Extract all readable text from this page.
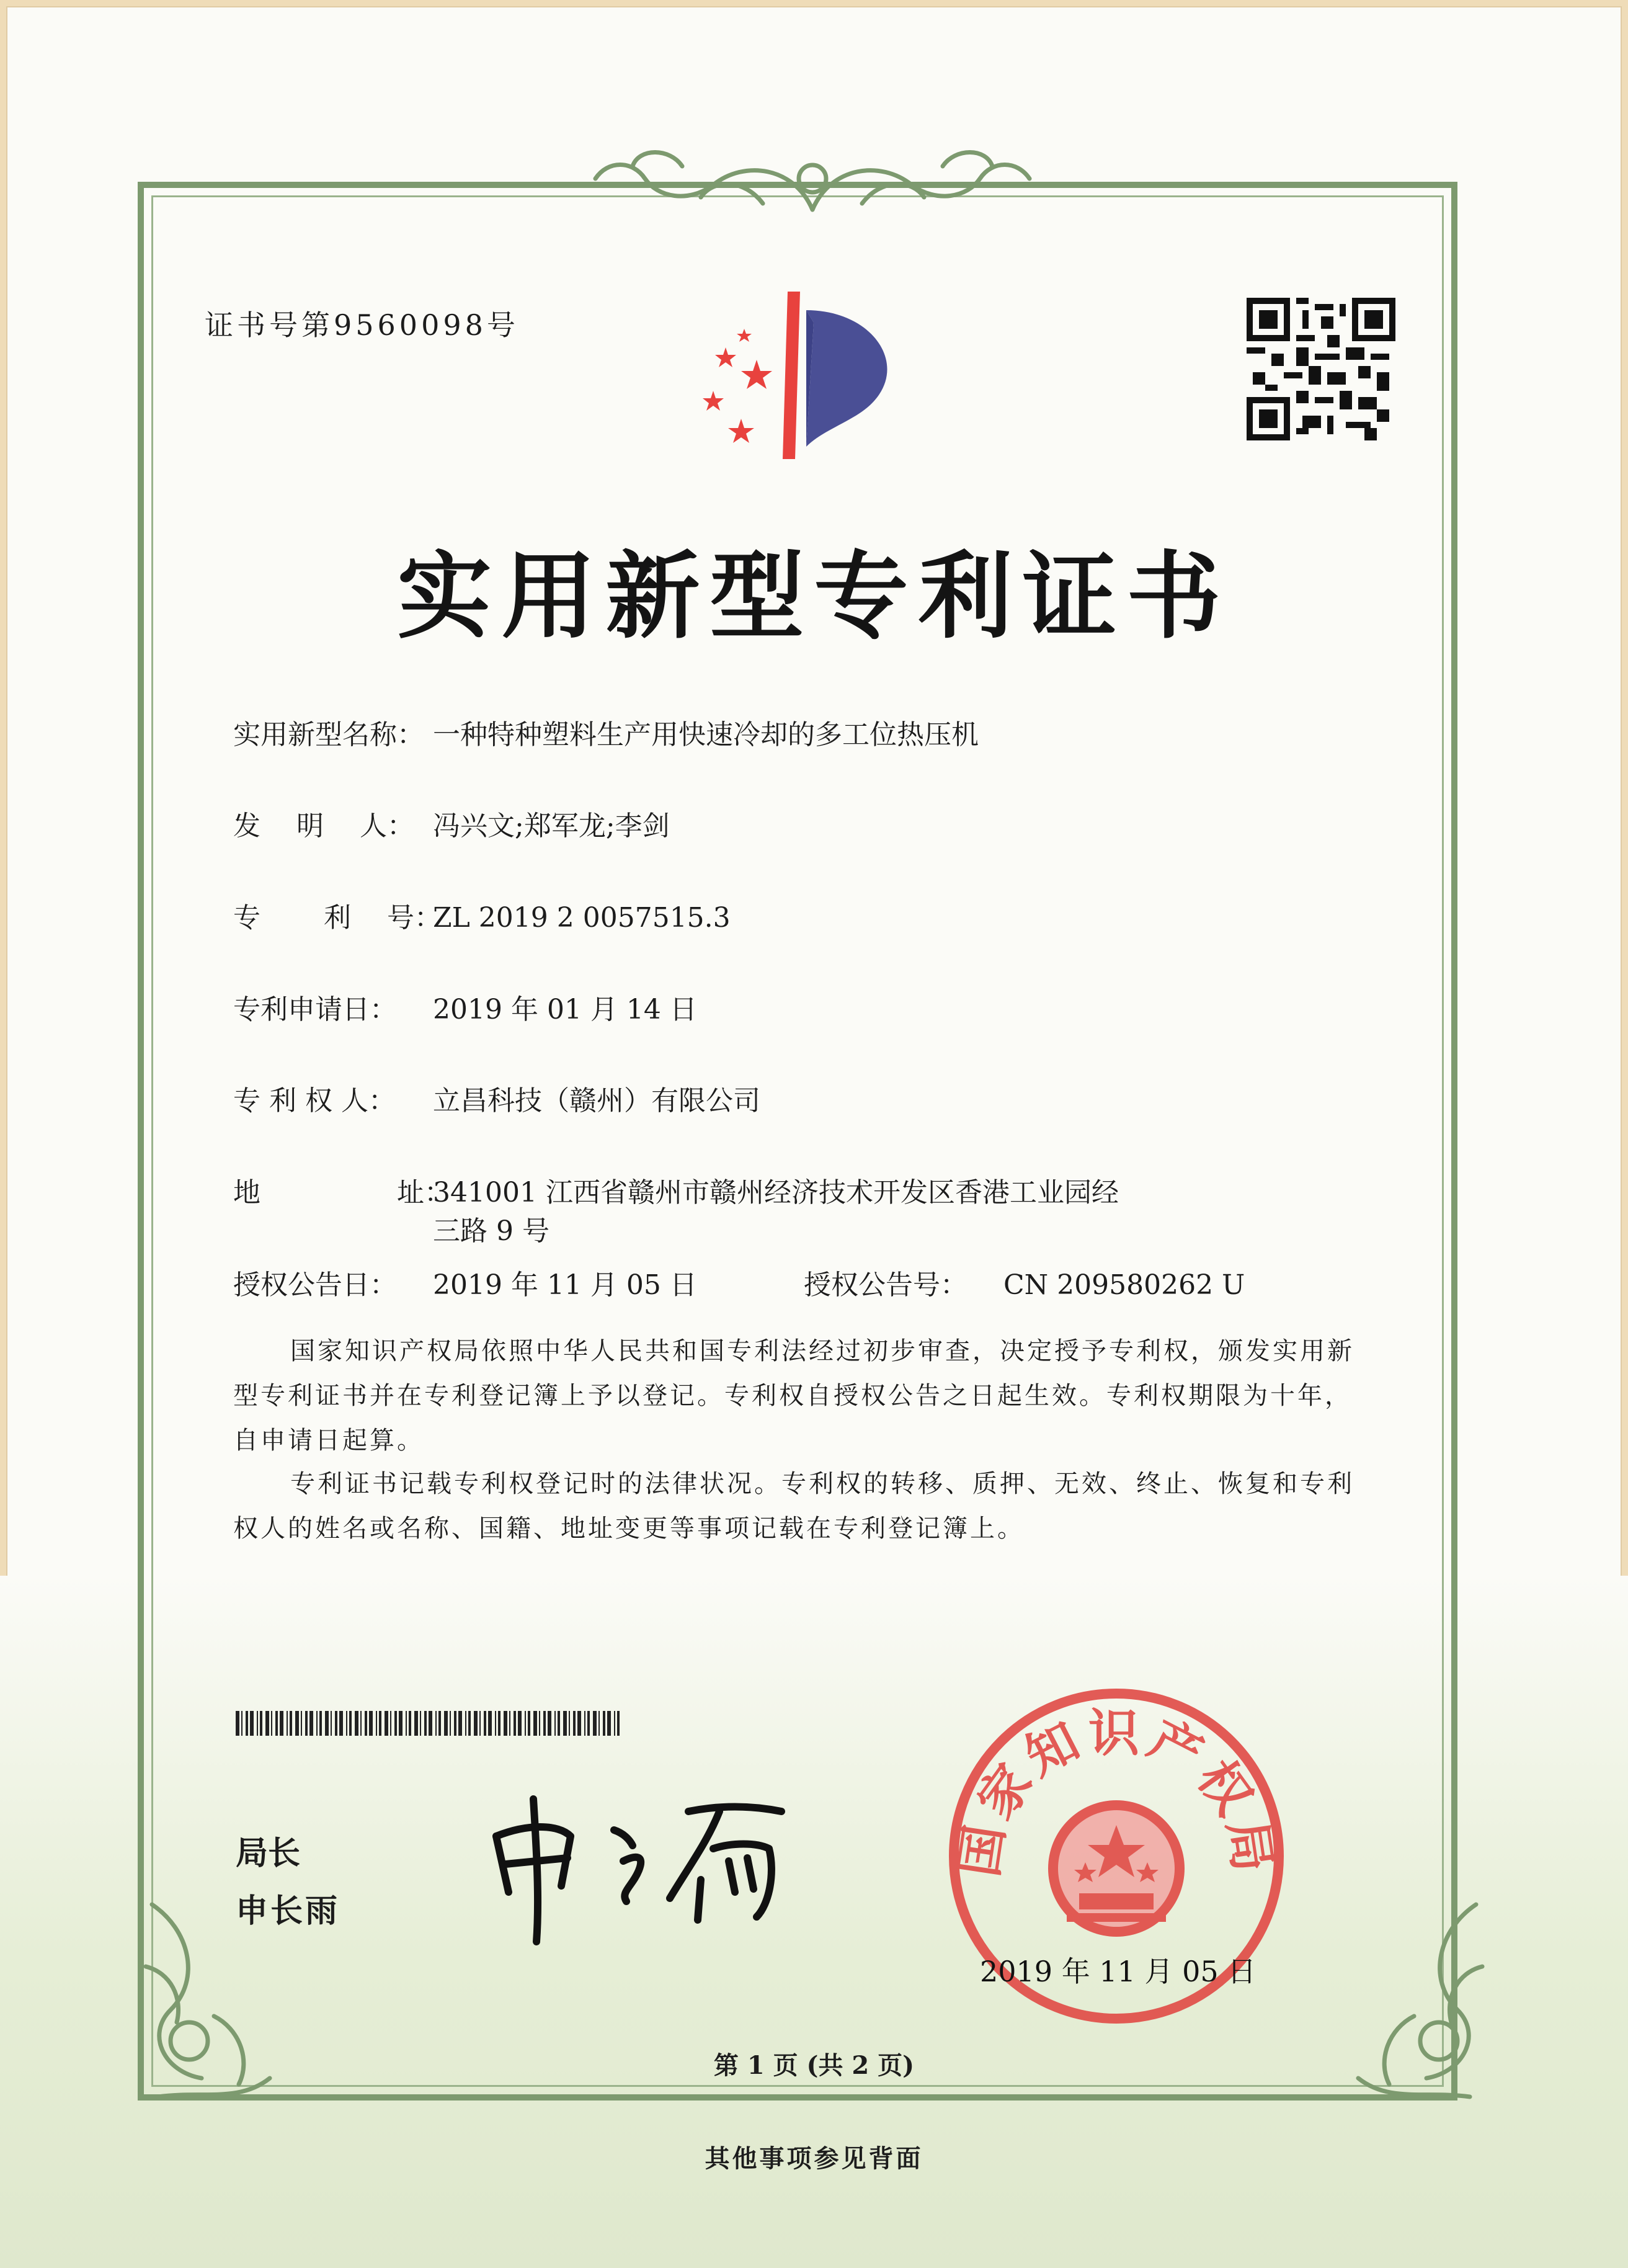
证书号第9560098号
实用新型专利证书
实用新型名称： 一种特种塑料生产用快速冷却的多工位热压机
发　 明　 人： 冯兴文;郑军龙;李剑
专　　 利　 号：ZL 2019 2 0057515.3
专利申请日： 2019 年 01 月 14 日
专 利 权 人： 立昌科技（赣州）有限公司
地　　　　　址：341001 江西省赣州市赣州经济技术开发区香港工业园经
三路 9 号
授权公告日： 2019 年 11 月 05 日	授权公告号： CN 209580262 U

国家知识产权局依照中华人民共和国专利法经过初步审查，决定授予专利权，颁发实用新型专利证书并在专利登记簿上予以登记。专利权自授权公告之日起生效。专利权期限为十年，自申请日起算。

专利证书记载专利权登记时的法律状况。专利权的转移、质押、无效、终止、恢复和专利权人的姓名或名称、国籍、地址变更等事项记载在专利登记簿上。

局长
申长雨
国家知识产权局
2019 年 11 月 05 日
第 1 页 (共 2 页)
其他事项参见背面
